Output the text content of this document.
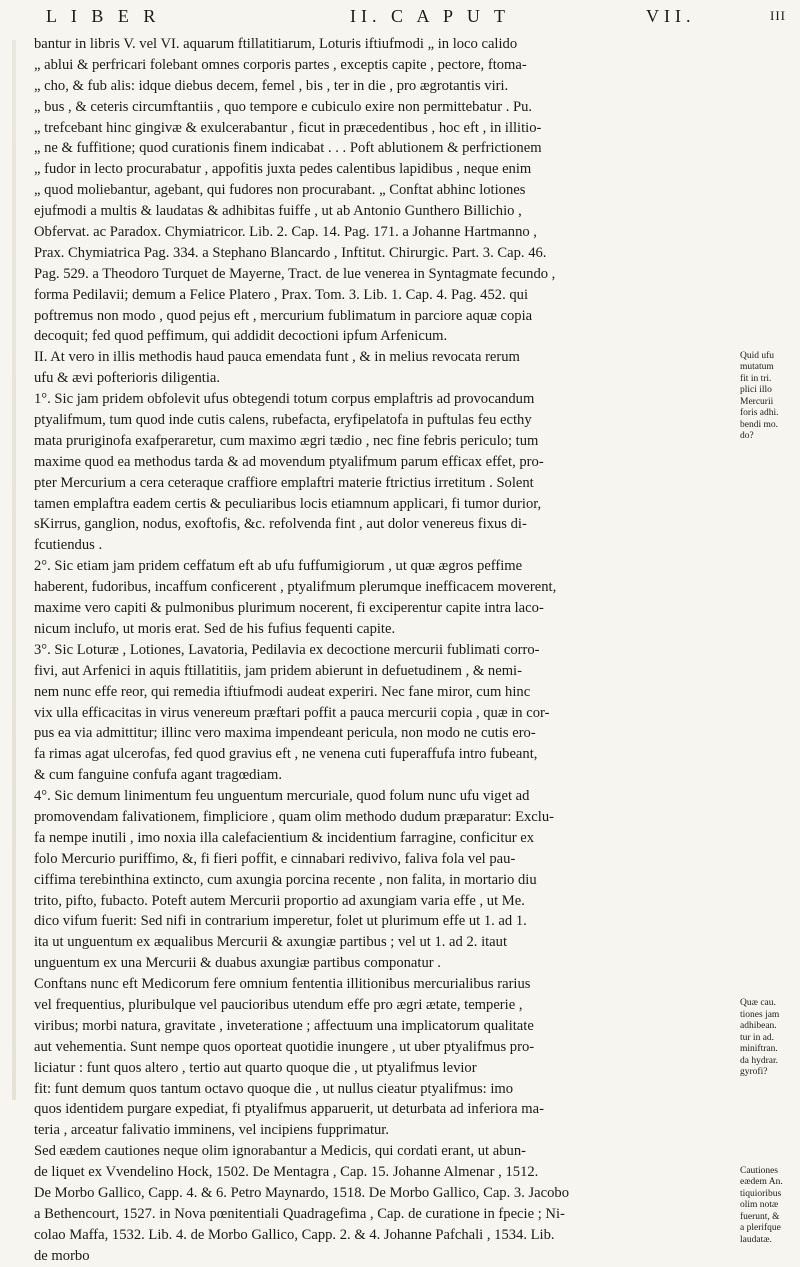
L I B E R	II. C A P U T	VII.	III
bantur in libris V. vel VI. aquarum ftillatitiarum, Loturis iftiufmodi „ in loco calido
„ ablui & perfricari folebant omnes corporis partes , exceptis capite , pectore, ftoma-
„ cho, & fub alis: idque diebus decem, femel , bis , ter in die , pro ægrotantis viri.
„ bus , & ceteris circumftantiis , quo tempore e cubiculo exire non permittebatur . Pu.
„ trefcebant hinc gingivæ & exulcerabantur , ficut in præcedentibus , hoc eft , in illitio-
„ ne & fuffitione; quod curationis finem indicabat . . . Poft ablutionem & perfrictionem
„ fudor in lecto procurabatur , appofitis juxta pedes calentibus lapidibus , neque enim
„ quod moliebantur, agebant, qui fudores non procurabant. „ Conftat abhinc lotiones
ejufmodi a multis & laudatas & adhibitas fuiffe , ut ab Antonio Gunthero Billichio ,
Obfervat. ac Paradox. Chymiatricor. Lib. 2. Cap. 14. Pag. 171. a Johanne Hartmanno ,
Prax. Chymiatrica Pag. 334. a Stephano Blancardo , Inftitut. Chirurgic. Part. 3. Cap. 46.
Pag. 529. a Theodoro Turquet de Mayerne, Tract. de lue venerea in Syntagmate fecundo ,
forma Pedilavii; demum a Felice Platero , Prax. Tom. 3. Lib. 1. Cap. 4. Pag. 452. qui
poftremus non modo , quod pejus eft , mercurium fublimatum in parciore aquæ copia
decoquit; fed quod peffimum, qui addidit decoctioni ipfum Arfenicum.
II. At vero in illis methodis haud pauca emendata funt , & in melius revocata rerum
ufu & ævi pofterioris diligentia.
1°. Sic jam pridem obfolevit ufus obtegendi totum corpus emplaftris ad provocandum
ptyalifmum, tum quod inde cutis calens, rubefacta, eryfipelatofa in puftulas feu ecthy
mata pruriginofa exafperaretur, cum maximo ægri tædio , nec fine febris periculo; tum
maxime quod ea methodus tarda & ad movendum ptyalifmum parum efficax effet, pro-
pter Mercurium a cera ceteraque craffiore emplaftri materie ftrictius irretitum . Solent
tamen emplaftra eadem certis & peculiaribus locis etiamnum applicari, fi tumor durior,
sKirrus, ganglion, nodus, exoftofis, &c. refolvenda fint , aut dolor venereus fixus di-
fcutiendus .
2°. Sic etiam jam pridem ceffatum eft ab ufu fuffumigiorum , ut quæ ægros peffime
haberent, fudoribus, incaffum conficerent , ptyalifmum plerumque inefficacem moverent,
maxime vero capiti & pulmonibus plurimum nocerent, fi exciperentur capite intra laco-
nicum inclufo, ut moris erat. Sed de his fufius fequenti capite.
3°. Sic Loturæ , Lotiones, Lavatoria, Pedilavia ex decoctione mercurii fublimati corro-
fivi, aut Arfenici in aquis ftillatitiis, jam pridem abierunt in defuetudinem , & nemi-
nem nunc effe reor, qui remedia iftiufmodi audeat experiri. Nec fane miror, cum hinc
vix ulla efficacitas in virus venereum præftari poffit a pauca mercurii copia , quæ in cor-
pus ea via admittitur; illinc vero maxima impendeant pericula, non modo ne cutis ero-
fa rimas agat ulcerofas, fed quod gravius eft , ne venena cuti fuperaffufa intro fubeant,
& cum fanguine confufa agant tragœdiam.
4°. Sic demum linimentum feu unguentum mercuriale, quod folum nunc ufu viget ad
promovendam falivationem, fimpliciore , quam olim methodo dudum præparatur: Exclu-
fa nempe inutili , imo noxia illa calefacientium & incidentium farragine, conficitur ex
folo Mercurio puriffimo, &, fi fieri poffit, e cinnabari redivivo, faliva fola vel pau-
ciffima terebinthina extincto, cum axungia porcina recente , non falita, in mortario diu
trito, pifto, fubacto. Poteft autem Mercurii proportio ad axungiam varia effe , ut Me.
dico vifum fuerit: Sed nifi in contrarium imperetur, folet ut plurimum effe ut 1. ad 1.
ita ut unguentum ex æqualibus Mercurii & axungiæ partibus ; vel ut 1. ad 2. itaut
unguentum ex una Mercurii & duabus axungiæ partibus componatur .
Conftans nunc eft Medicorum fere omnium fententia illitionibus mercurialibus rarius
vel frequentius, pluribulque vel paucioribus utendum effe pro ægri ætate, temperie ,
viribus; morbi natura, gravitate , inveteratione ; affectuum una implicatorum qualitate
aut vehementia. Sunt nempe quos oporteat quotidie inungere , ut uber ptyalifmus pro-
liciatur : funt quos altero , tertio aut quarto quoque die , ut ptyalifmus levior
fit: funt demum quos tantum octavo quoque die , ut nullus cieatur ptyalifmus: imo
quos identidem purgare expediat, fi ptyalifmus apparuerit, ut deturbata ad inferiora ma-
teria , arceatur falivatio imminens, vel incipiens fupprimatur.
Sed eædem cautiones neque olim ignorabantur a Medicis, qui cordati erant, ut abun-
de liquet ex Vvendelino Hock, 1502. De Mentagra , Cap. 15. Johanne Almenar , 1512.
De Morbo Gallico, Capp. 4. & 6. Petro Maynardo, 1518. De Morbo Gallico, Cap. 3. Jacobo
a Bethencourt, 1527. in Nova pœnitentiali Quadragefima , Cap. de curatione in fpecie ; Ni-
colao Maffa, 1532. Lib. 4. de Morbo Gallico, Capp. 2. & 4. Johanne Pafchali , 1534. Lib.
de morbo
Quid ufu
mutatum
fit in tri.
plici illo
Mercurii
foris adhi.
bendi mo.
do?
Quæ cau.
tiones jam
adhibean.
tur in ad.
miniftran.
da hydrar.
gyrofi?
Cautiones
eædem An.
tiquioribus
olim notæ
fuerunt, &
a plerifque
laudatæ.
